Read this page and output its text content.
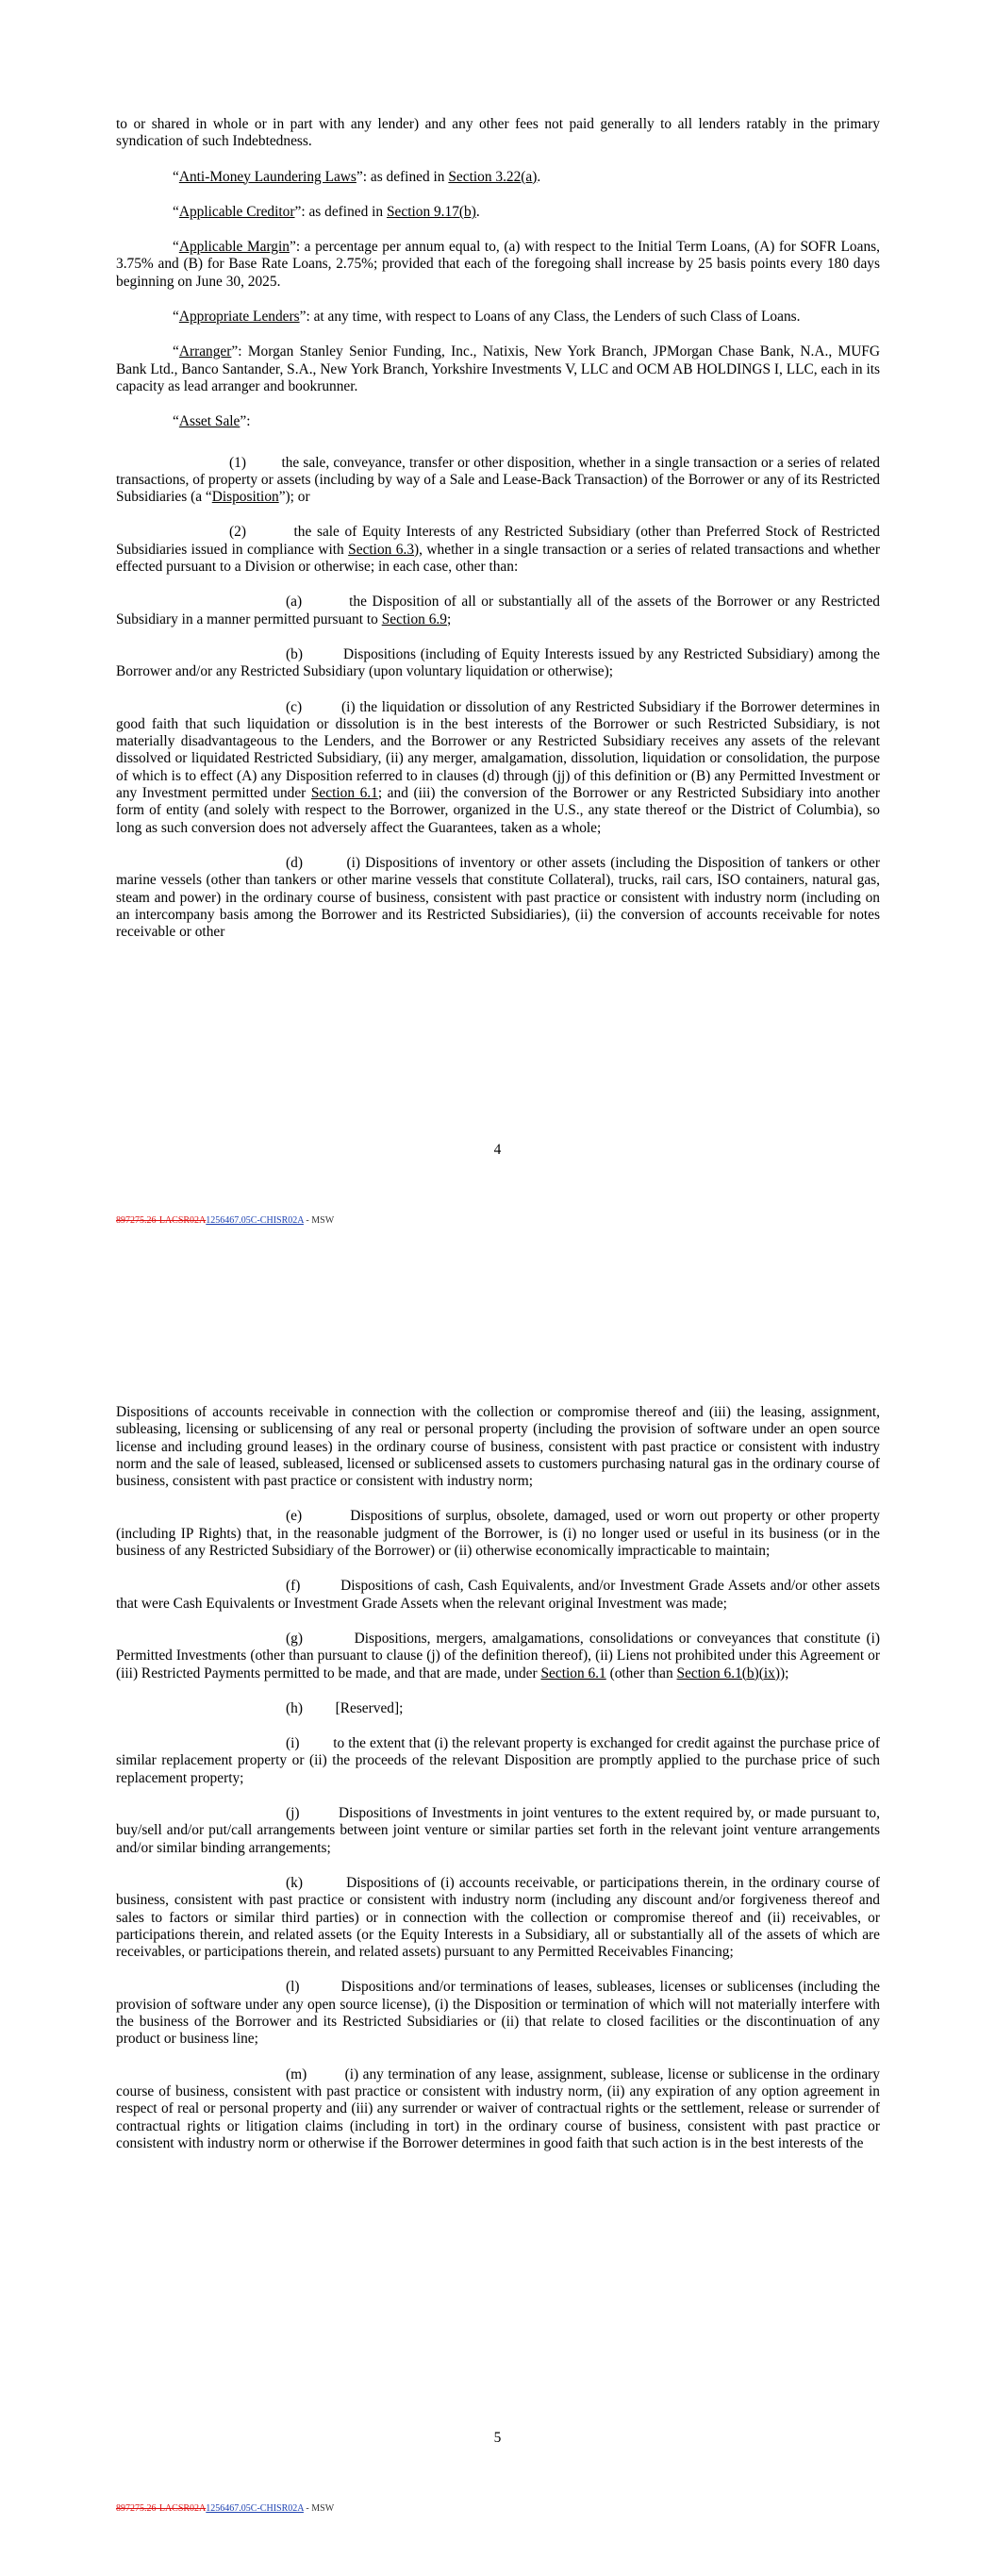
to or shared in whole or in part with any lender) and any other fees not paid generally to all lenders ratably in the primary syndication of such Indebtedness.

“Anti-Money Laundering Laws”: as defined in Section 3.22(a).

“Applicable Creditor”: as defined in Section 9.17(b).

“Applicable Margin”: a percentage per annum equal to, (a) with respect to the Initial Term Loans, (A) for SOFR Loans, 3.75% and (B) for Base Rate Loans, 2.75%; provided that each of the foregoing shall increase by 25 basis points every 180 days beginning on June 30, 2025.

“Appropriate Lenders”: at any time, with respect to Loans of any Class, the Lenders of such Class of Loans.

“Arranger”: Morgan Stanley Senior Funding, Inc., Natixis, New York Branch, JPMorgan Chase Bank, N.A., MUFG Bank Ltd., Banco Santander, S.A., New York Branch, Yorkshire Investments V, LLC and OCM AB HOLDINGS I, LLC, each in its capacity as lead arranger and bookrunner.

“Asset Sale”:

(1) the sale, conveyance, transfer or other disposition, whether in a single transaction or a series of related transactions, of property or assets (including by way of a Sale and Lease-Back Transaction) of the Borrower or any of its Restricted Subsidiaries (a “Disposition”); or

(2)	the sale of Equity Interests of any Restricted Subsidiary (other than Preferred Stock of Restricted Subsidiaries issued in compliance with Section 6.3), whether in a single transaction or a series of related transactions and whether effected pursuant to a Division or otherwise; in each case, other than:

(a)	the Disposition of all or substantially all of the assets of the Borrower or any Restricted Subsidiary in a manner permitted pursuant to Section 6.9;

(b)	Dispositions (including of Equity Interests issued by any Restricted Subsidiary) among the Borrower and/or any Restricted Subsidiary (upon voluntary liquidation or otherwise);

(c)	(i) the liquidation or dissolution of any Restricted Subsidiary if the Borrower determines in good faith that such liquidation or dissolution is in the best interests of the Borrower or such Restricted Subsidiary, is not materially disadvantageous to the Lenders, and the Borrower or any Restricted Subsidiary receives any assets of the relevant dissolved or liquidated Restricted Subsidiary, (ii) any merger, amalgamation, dissolution, liquidation or consolidation, the purpose of which is to effect (A) any Disposition referred to in clauses (d) through (jj) of this definition or (B) any Permitted Investment or any Investment permitted under Section 6.1; and (iii) the conversion of the Borrower or any Restricted Subsidiary into another form of entity (and solely with respect to the Borrower, organized in the U.S., any state thereof or the District of Columbia), so long as such conversion does not adversely affect the Guarantees, taken as a whole;

(d)	(i) Dispositions of inventory or other assets (including the Disposition of tankers or other marine vessels (other than tankers or other marine vessels that constitute Collateral), trucks, rail cars, ISO containers, natural gas, steam and power) in the ordinary course of business, consistent with past practice or consistent with industry norm (including on an intercompany basis among the Borrower and its Restricted Subsidiaries), (ii) the conversion of accounts receivable for notes receivable or other

4
897275.26-LACSR02A1256467.05C-CHISR02A - MSW

Dispositions of accounts receivable in connection with the collection or compromise thereof and (iii) the leasing, assignment, subleasing, licensing or sublicensing of any real or personal property (including the provision of software under an open source license and including ground leases) in the ordinary course of business, consistent with past practice or consistent with industry norm and the sale of leased, subleased, licensed or sublicensed assets to customers purchasing natural gas in the ordinary course of business, consistent with past practice or consistent with industry norm;

(e)	Dispositions of surplus, obsolete, damaged, used or worn out property or other property (including IP Rights) that, in the reasonable judgment of the Borrower, is (i) no longer used or useful in its business (or in the business of any Restricted Subsidiary of the Borrower) or (ii) otherwise economically impracticable to maintain;

(f)	Dispositions of cash, Cash Equivalents, and/or Investment Grade Assets and/or other assets that were Cash Equivalents or Investment Grade Assets when the relevant original Investment was made;

(g)	Dispositions, mergers, amalgamations, consolidations or conveyances that constitute (i) Permitted Investments (other than pursuant to clause (j) of the definition thereof), (ii) Liens not prohibited under this Agreement or (iii) Restricted Payments permitted to be made, and that are made, under Section 6.1 (other than Section 6.1(b)(ix));

(h) [Reserved];

(i) to the extent that (i) the relevant property is exchanged for credit against the purchase price of similar replacement property or (ii) the proceeds of the relevant Disposition are promptly applied to the purchase price of such replacement property;

(j)	Dispositions of Investments in joint ventures to the extent required by, or made pursuant to, buy/sell and/or put/call arrangements between joint venture or similar parties set forth in the relevant joint venture arrangements and/or similar binding arrangements;

(k)	Dispositions of (i) accounts receivable, or participations therein, in the ordinary course of business, consistent with past practice or consistent with industry norm (including any discount and/or forgiveness thereof and sales to factors or similar third parties) or in connection with the collection or compromise thereof and (ii) receivables, or participations therein, and related assets (or the Equity Interests in a Subsidiary, all or substantially all of the assets of which are receivables, or participations therein, and related assets) pursuant to any Permitted Receivables Financing;

(l)	Dispositions and/or terminations of leases, subleases, licenses or sublicenses (including the provision of software under any open source license), (i) the Disposition or termination of which will not materially interfere with the business of the Borrower and its Restricted Subsidiaries or (ii) that relate to closed facilities or the discontinuation of any product or business line;

(m)	(i) any termination of any lease, assignment, sublease, license or sublicense in the ordinary course of business, consistent with past practice or consistent with industry norm, (ii) any expiration of any option agreement in respect of real or personal property and (iii) any surrender or waiver of contractual rights or the settlement, release or surrender of contractual rights or litigation claims (including in tort) in the ordinary course of business, consistent with past practice or consistent with industry norm or otherwise if the Borrower determines in good faith that such action is in the best interests of the

5
897275.26-LACSR02A1256467.05C-CHISR02A - MSW
